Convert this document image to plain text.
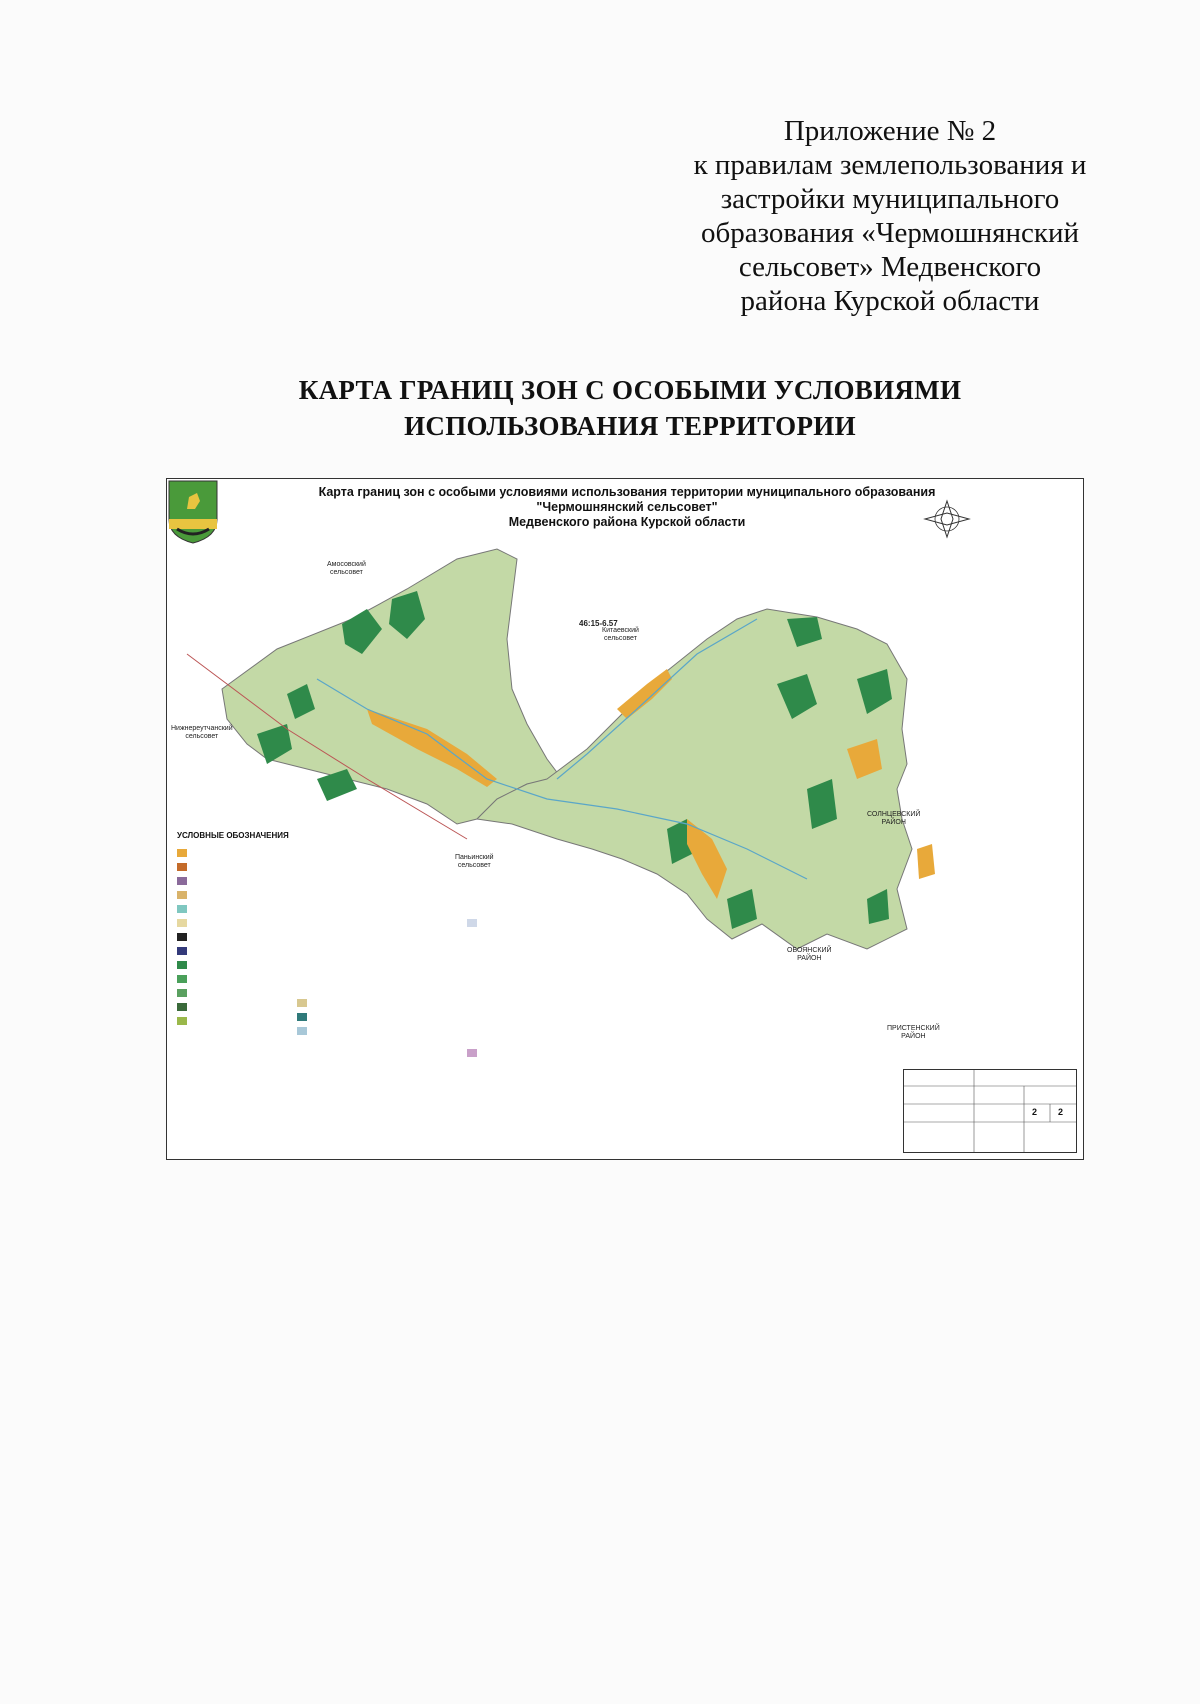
Приложение № 2
к правилам землепользования и
застройки муниципального
образования «Чермошнянский
сельсовет» Медвенского
района Курской области
КАРТА ГРАНИЦ ЗОН С ОСОБЫМИ УСЛОВИЯМИ
ИСПОЛЬЗОВАНИЯ ТЕРРИТОРИИ
Карта границ зон с особыми условиями использования территории муниципального образования
"Чермошнянский сельсовет"
Медвенского района Курской области
46:15-6.57
Амосовский
сельсовет
Китаевский
сельсовет
Нижнереутчанский
сельсовет
Паньинский
сельсовет
СОЛНЦЕВСКИЙ
РАЙОН
ОБОЯНСКИЙ
РАЙОН
ПРИСТЕНСКИЙ
РАЙОН
УСЛОВНЫЕ ОБОЗНАЧЕНИЯ
2 2
